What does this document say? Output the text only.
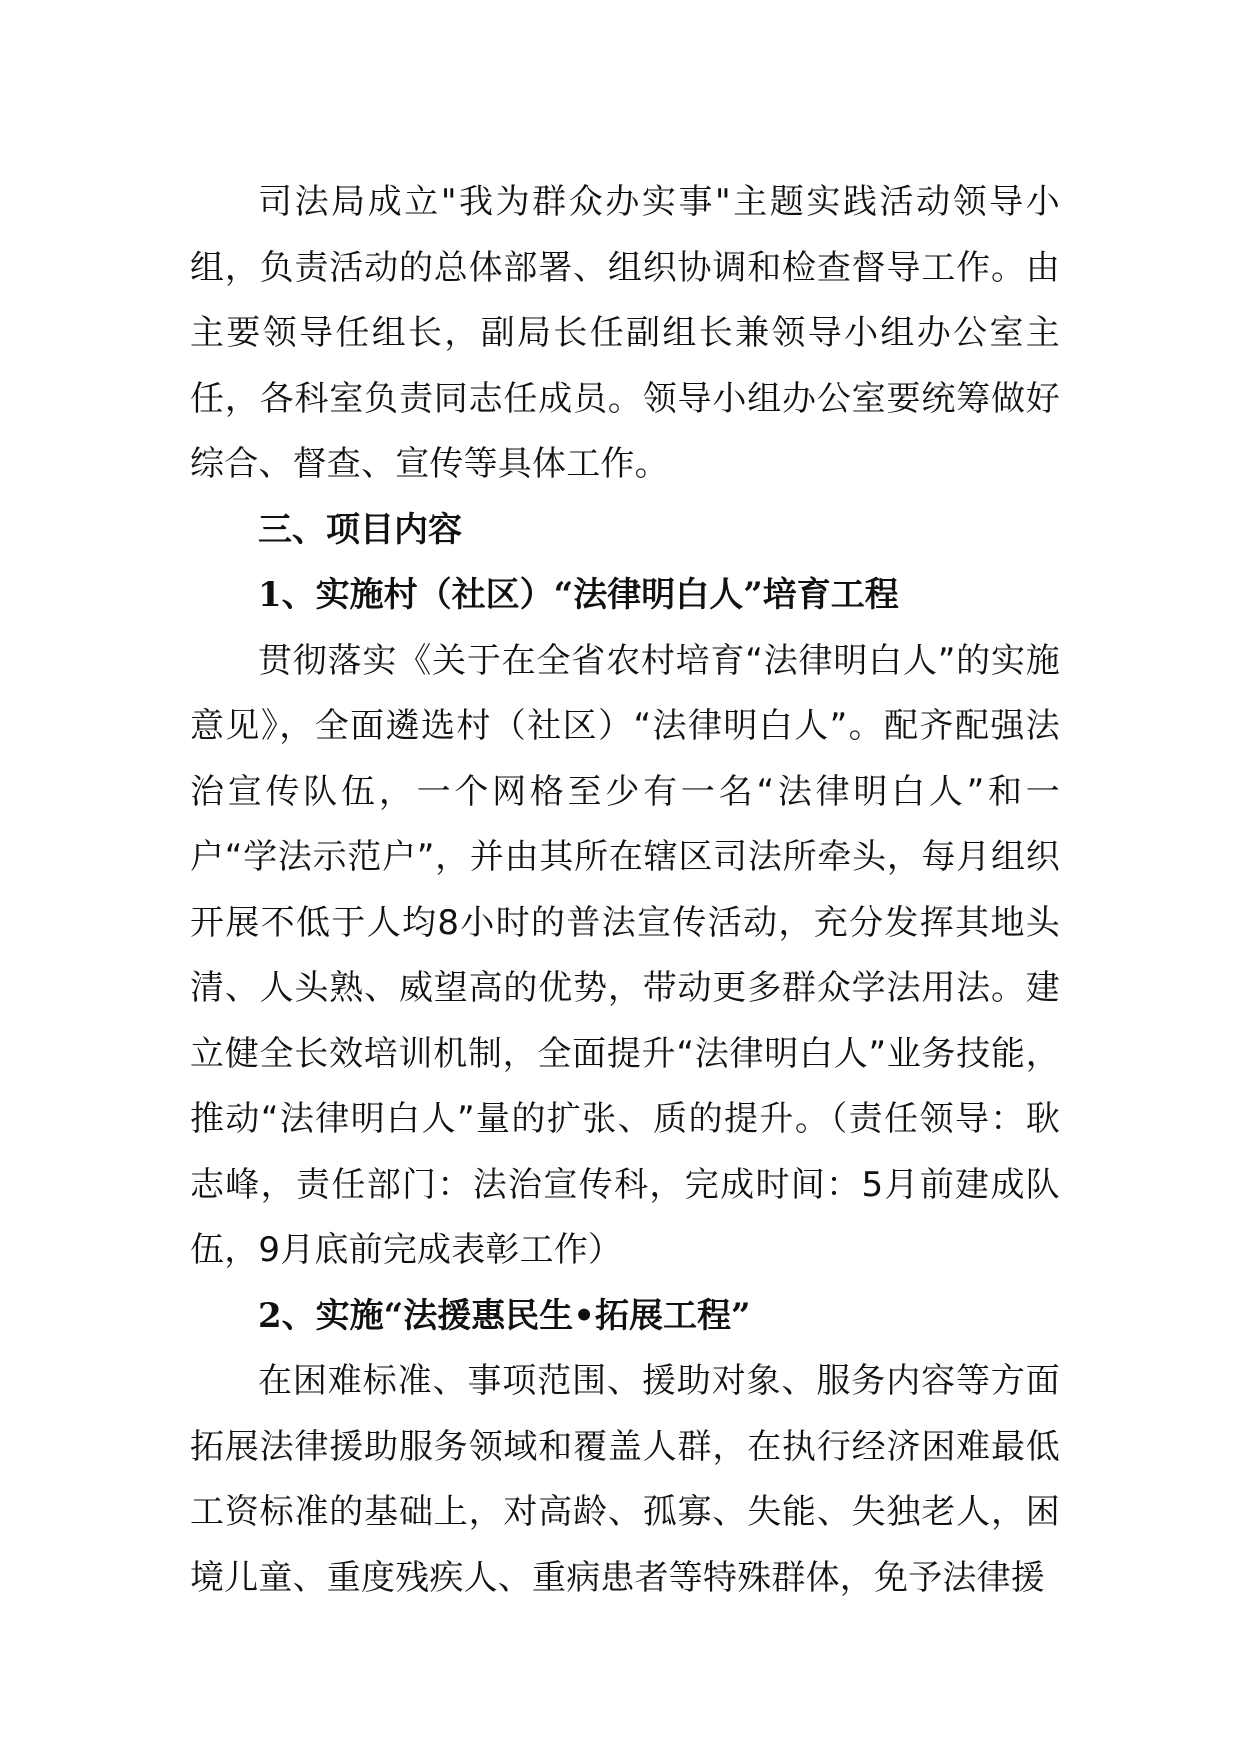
司法局成立"我为群众办实事"主题实践活动领导小组，负责活动的总体部署、组织协调和检查督导工作。由主要领导任组长，副局长任副组长兼领导小组办公室主任，各科室负责同志任成员。领导小组办公室要统筹做好综合、督查、宣传等具体工作。

三、项目内容

1、实施村（社区）“法律明白人”培育工程

贯彻落实《关于在全省农村培育“法律明白人”的实施意见》，全面遴选村（社区）“法律明白人”。配齐配强法治宣传队伍，一个网格至少有一名“法律明白人”和一户“学法示范户”，并由其所在辖区司法所牵头，每月组织开展不低于人均8小时的普法宣传活动，充分发挥其地头清、人头熟、威望高的优势，带动更多群众学法用法。建立健全长效培训机制，全面提升“法律明白人”业务技能，推动“法律明白人”量的扩张、质的提升。（责任领导：耿志峰，责任部门：法治宣传科，完成时间：5月前建成队伍，9月底前完成表彰工作）

2、实施“法援惠民生•拓展工程”

在困难标准、事项范围、援助对象、服务内容等方面拓展法律援助服务领域和覆盖人群，在执行经济困难最低工资标准的基础上，对高龄、孤寡、失能、失独老人，困境儿童、重度残疾人、重病患者等特殊群体，免予法律援
